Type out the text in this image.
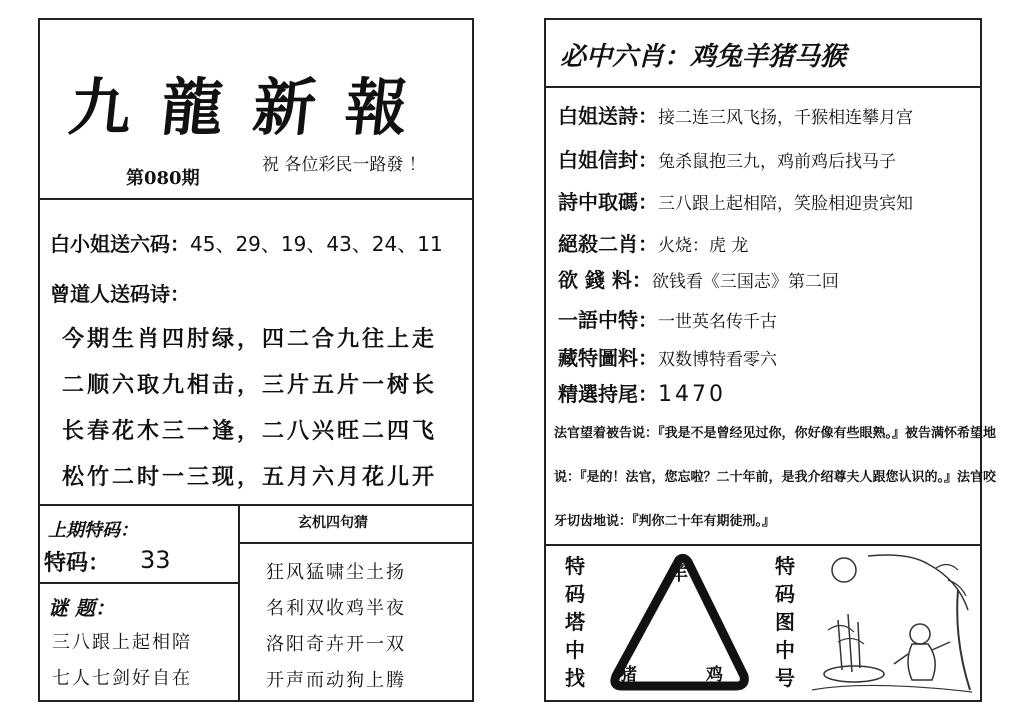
九龍新報
第080期
祝 各位彩民一路發 ！
白小姐送六码：45、29、19、43、24、11
曾道人送码诗：
今期生肖四肘绿，四二合九往上走
二顺六取九相击，三片五片一树长
长春花木三一逢，二八兴旺二四飞
松竹二时一三现，五月六月花儿开
上期特码：
特码： 33
谜 题：
三八跟上起相陪
七人七剑好自在
玄机四句猜
狂风猛啸尘土扬
名利双收鸡半夜
洛阳奇卉开一双
开声而动狗上腾
必中六肖：鸡兔羊猪马猴
白姐送詩：接二连三风飞扬，千猴相连攀月宫
白姐信封：兔杀鼠抱三九，鸡前鸡后找马子
詩中取碼：三八跟上起相陪，笑脸相迎贵宾知
絕殺二肖：火烧：虎 龙
欲 錢 料：欲钱看《三国志》第二回
一語中特：一世英名传千古
藏特圖料：双数博特看零六
精選持尾：1470
法官望着被告说：『我是不是曾经见过你，你好像有些眼熟。』被告满怀希望地
说：『是的！法官，您忘啦？二十年前，是我介绍尊夫人跟您认识的。』法官咬
牙切齿地说：『判你二十年有期徒刑。』
特
码
塔
中
找
羊
猪	鸡
特
码
图
中
号
